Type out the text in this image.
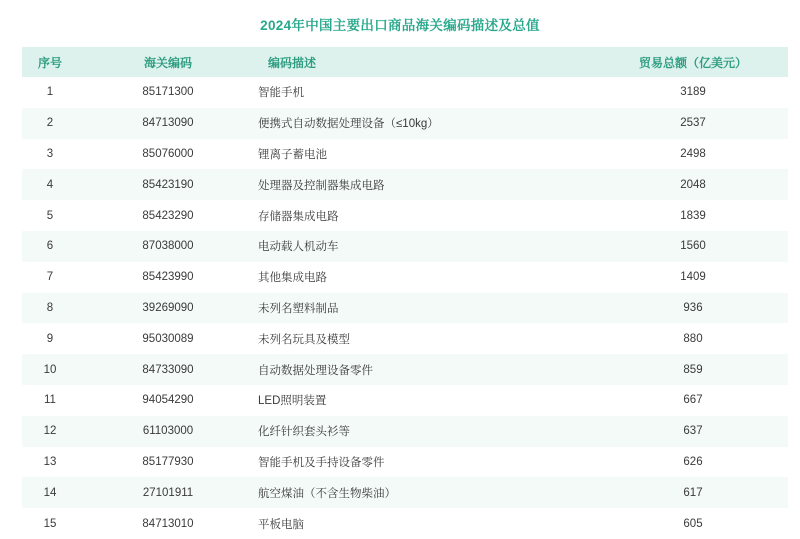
2024年中国主要出口商品海关编码描述及总值
序号	海关编码	编码描述	贸易总额（亿美元）
1	85171300	智能手机	3189
2	84713090	便携式自动数据处理设备（≤10kg）	2537
3	85076000	锂离子蓄电池	2498
4	85423190	处理器及控制器集成电路	2048
5	85423290	存储器集成电路	1839
6	87038000	电动载人机动车	1560
7	85423990	其他集成电路	1409
8	39269090	未列名塑料制品	936
9	95030089	未列名玩具及模型	880
10	84733090	自动数据处理设备零件	859
11	94054290	LED照明装置	667
12	61103000	化纤针织套头衫等	637
13	85177930	智能手机及手持设备零件	626
14	27101911	航空煤油（不含生物柴油）	617
15	84713010	平板电脑	605
